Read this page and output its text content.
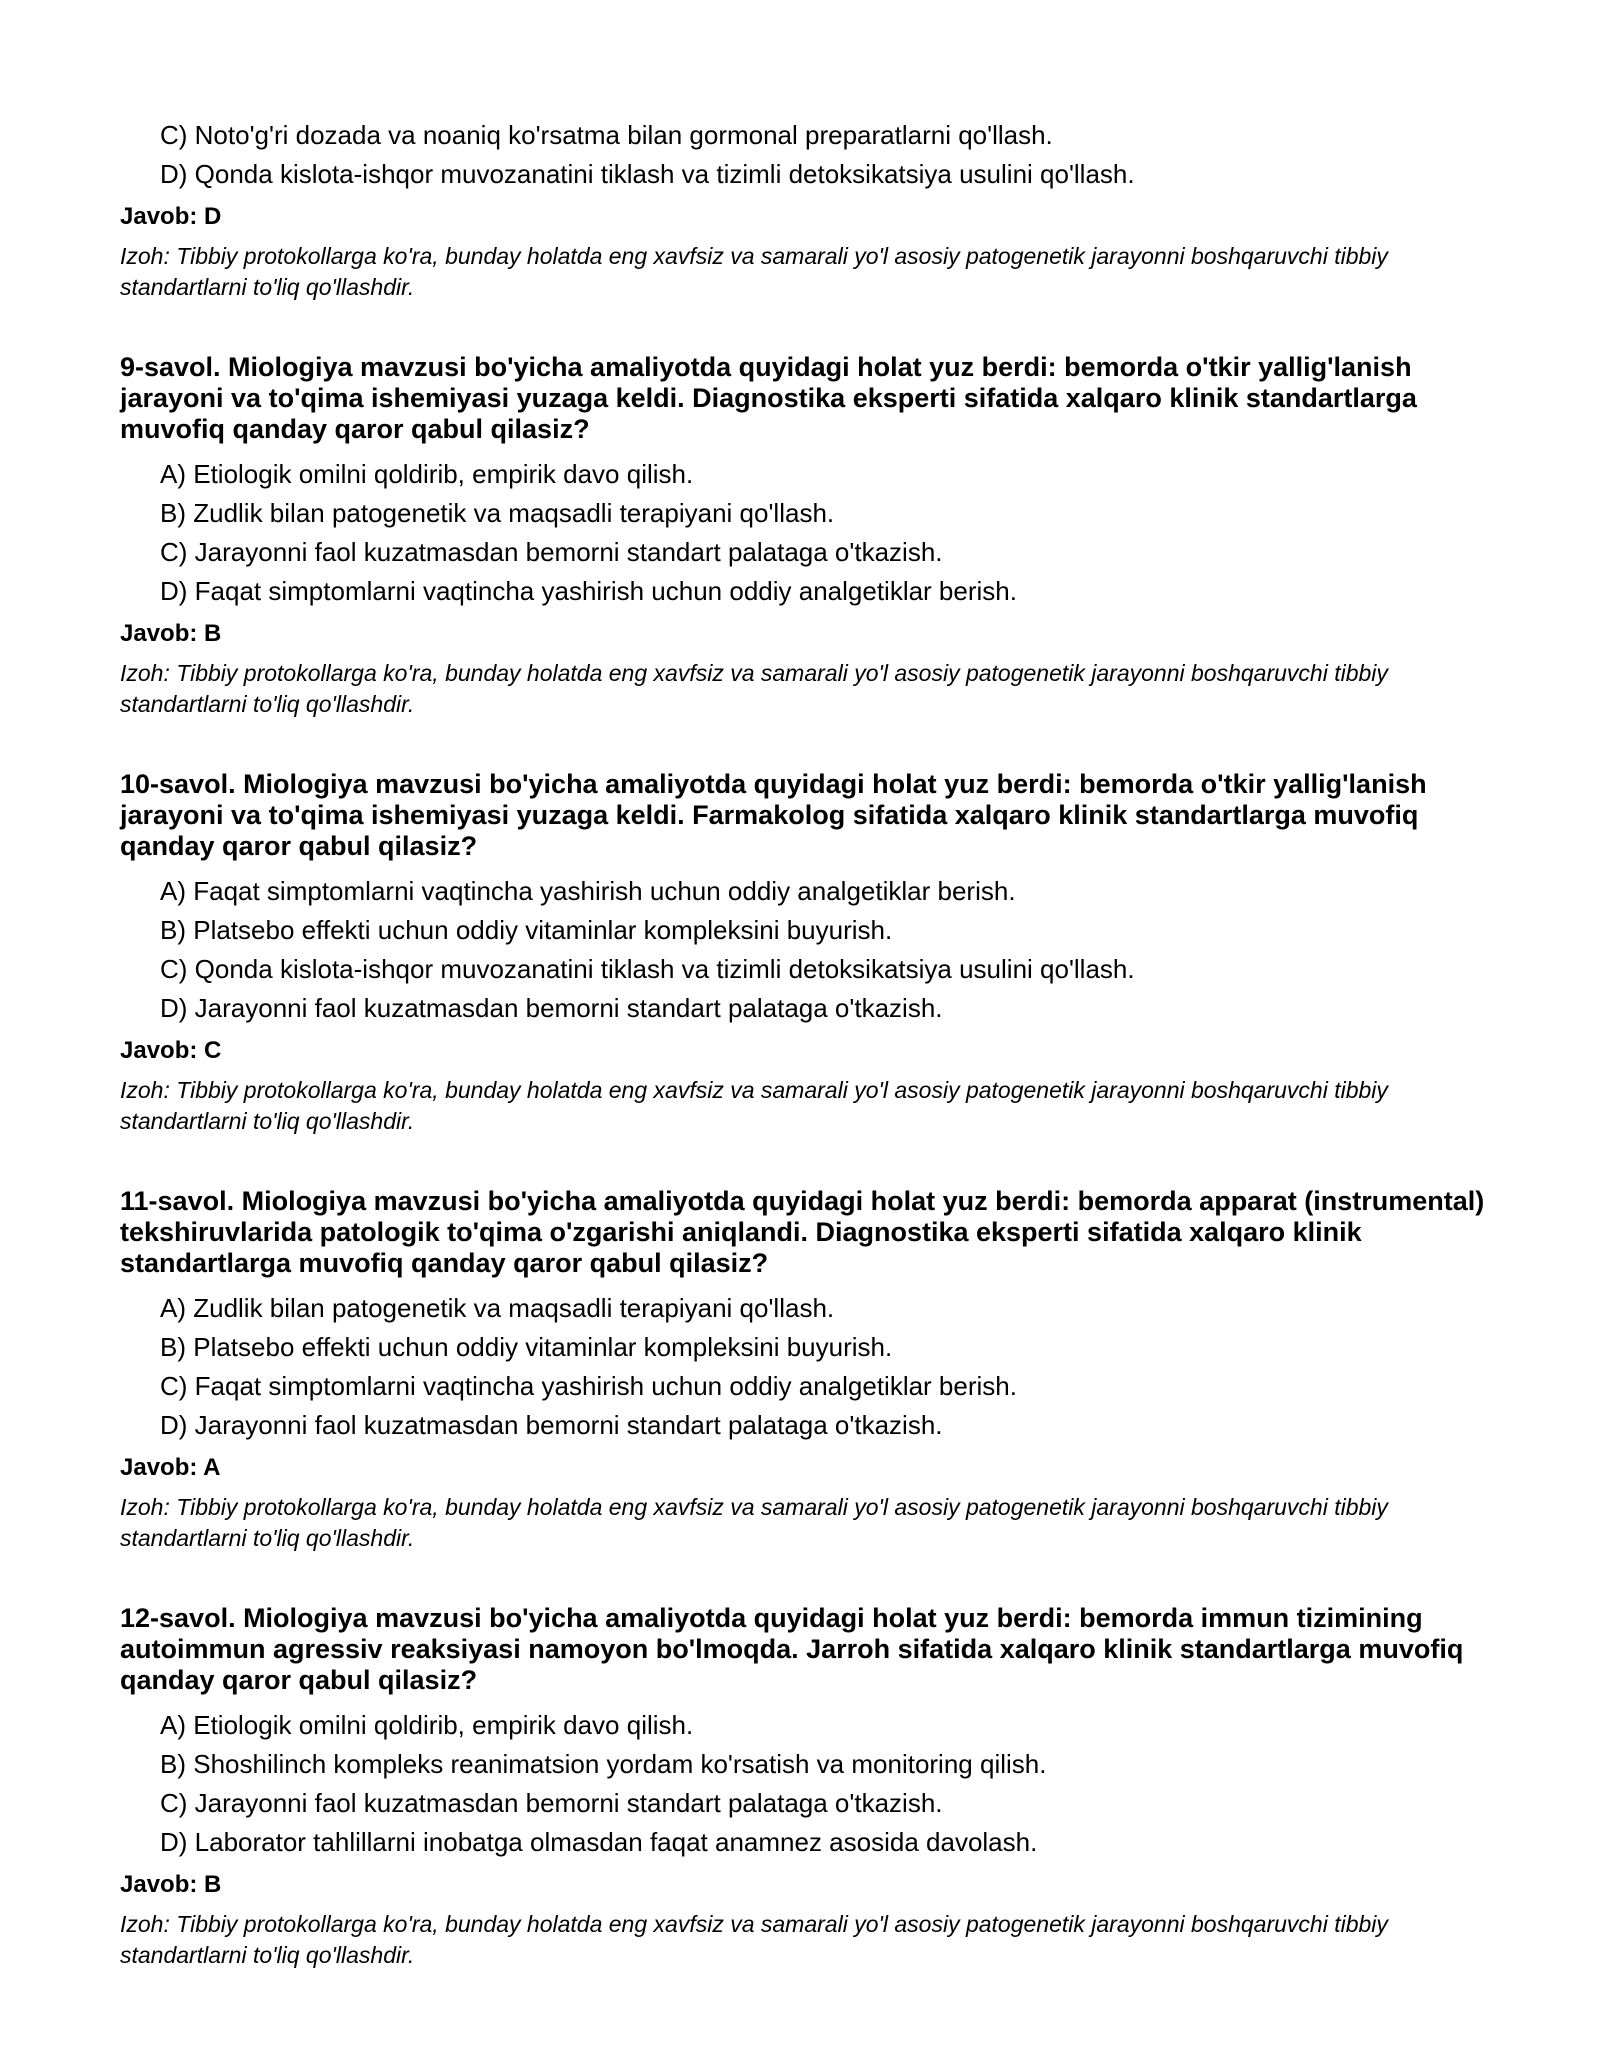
C) Noto'g'ri dozada va noaniq ko'rsatma bilan gormonal preparatlarni qo'llash.
D) Qonda kislota-ishqor muvozanatini tiklash va tizimli detoksikatsiya usulini qo'llash.
Javob: D

Izoh: Tibbiy protokollarga ko'ra, bunday holatda eng xavfsiz va samarali yo'l asosiy patogenetik jarayonni boshqaruvchi tibbiy standartlarni to'liq qo'llashdir.

9-savol. Miologiya mavzusi bo'yicha amaliyotda quyidagi holat yuz berdi: bemorda o'tkir yallig'lanish jarayoni va to'qima ishemiyasi yuzaga keldi. Diagnostika eksperti sifatida xalqaro klinik standartlarga muvofiq qanday qaror qabul qilasiz?

A) Etiologik omilni qoldirib, empirik davo qilish.
B) Zudlik bilan patogenetik va maqsadli terapiyani qo'llash.
C) Jarayonni faol kuzatmasdan bemorni standart palataga o'tkazish.
D) Faqat simptomlarni vaqtincha yashirish uchun oddiy analgetiklar berish.
Javob: B

Izoh: Tibbiy protokollarga ko'ra, bunday holatda eng xavfsiz va samarali yo'l asosiy patogenetik jarayonni boshqaruvchi tibbiy standartlarni to'liq qo'llashdir.

10-savol. Miologiya mavzusi bo'yicha amaliyotda quyidagi holat yuz berdi: bemorda o'tkir yallig'lanish jarayoni va to'qima ishemiyasi yuzaga keldi. Farmakolog sifatida xalqaro klinik standartlarga muvofiq qanday qaror qabul qilasiz?

A) Faqat simptomlarni vaqtincha yashirish uchun oddiy analgetiklar berish.
B) Platsebo effekti uchun oddiy vitaminlar kompleksini buyurish.
C) Qonda kislota-ishqor muvozanatini tiklash va tizimli detoksikatsiya usulini qo'llash.
D) Jarayonni faol kuzatmasdan bemorni standart palataga o'tkazish.
Javob: C

Izoh: Tibbiy protokollarga ko'ra, bunday holatda eng xavfsiz va samarali yo'l asosiy patogenetik jarayonni boshqaruvchi tibbiy standartlarni to'liq qo'llashdir.

11-savol. Miologiya mavzusi bo'yicha amaliyotda quyidagi holat yuz berdi: bemorda apparat (instrumental) tekshiruvlarida patologik to'qima o'zgarishi aniqlandi. Diagnostika eksperti sifatida xalqaro klinik standartlarga muvofiq qanday qaror qabul qilasiz?

A) Zudlik bilan patogenetik va maqsadli terapiyani qo'llash.
B) Platsebo effekti uchun oddiy vitaminlar kompleksini buyurish.
C) Faqat simptomlarni vaqtincha yashirish uchun oddiy analgetiklar berish.
D) Jarayonni faol kuzatmasdan bemorni standart palataga o'tkazish.
Javob: A

Izoh: Tibbiy protokollarga ko'ra, bunday holatda eng xavfsiz va samarali yo'l asosiy patogenetik jarayonni boshqaruvchi tibbiy standartlarni to'liq qo'llashdir.

12-savol. Miologiya mavzusi bo'yicha amaliyotda quyidagi holat yuz berdi: bemorda immun tizimining autoimmun agressiv reaksiyasi namoyon bo'lmoqda. Jarroh sifatida xalqaro klinik standartlarga muvofiq qanday qaror qabul qilasiz?

A) Etiologik omilni qoldirib, empirik davo qilish.
B) Shoshilinch kompleks reanimatsion yordam ko'rsatish va monitoring qilish.
C) Jarayonni faol kuzatmasdan bemorni standart palataga o'tkazish.
D) Laborator tahlillarni inobatga olmasdan faqat anamnez asosida davolash.
Javob: B

Izoh: Tibbiy protokollarga ko'ra, bunday holatda eng xavfsiz va samarali yo'l asosiy patogenetik jarayonni boshqaruvchi tibbiy standartlarni to'liq qo'llashdir.
